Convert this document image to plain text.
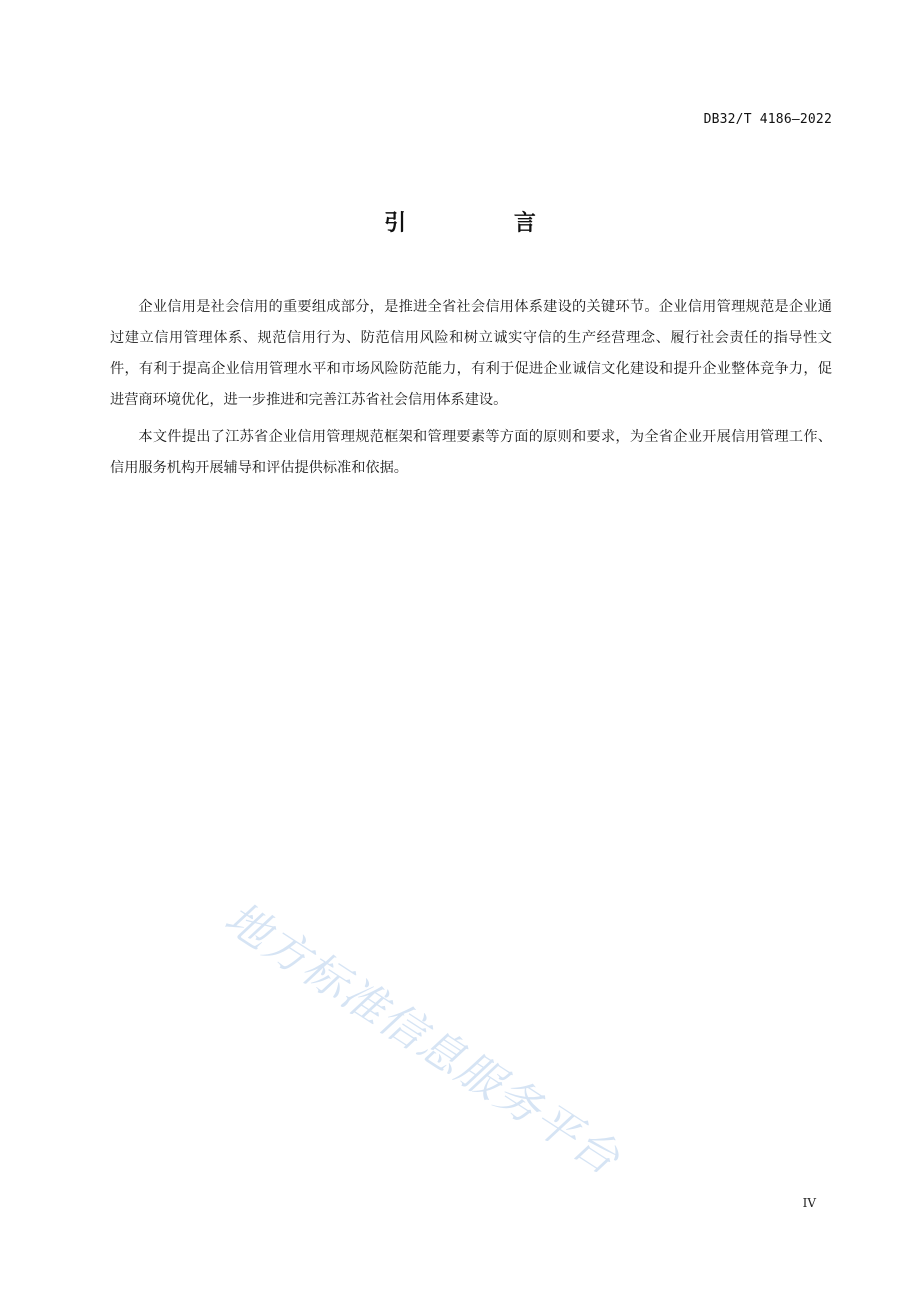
DB32/T 4186—2022
引 言

企业信用是社会信用的重要组成部分，是推进全省社会信用体系建设的关键环节。企业信用管理规范是企业通过建立信用管理体系、规范信用行为、防范信用风险和树立诚实守信的生产经营理念、履行社会责任的指导性文件，有利于提高企业信用管理水平和市场风险防范能力，有利于促进企业诚信文化建设和提升企业整体竞争力，促进营商环境优化，进一步推进和完善江苏省社会信用体系建设。

本文件提出了江苏省企业信用管理规范框架和管理要素等方面的原则和要求，为全省企业开展信用管理工作、信用服务机构开展辅导和评估提供标准和依据。

地方标准信息服务平台
IV
